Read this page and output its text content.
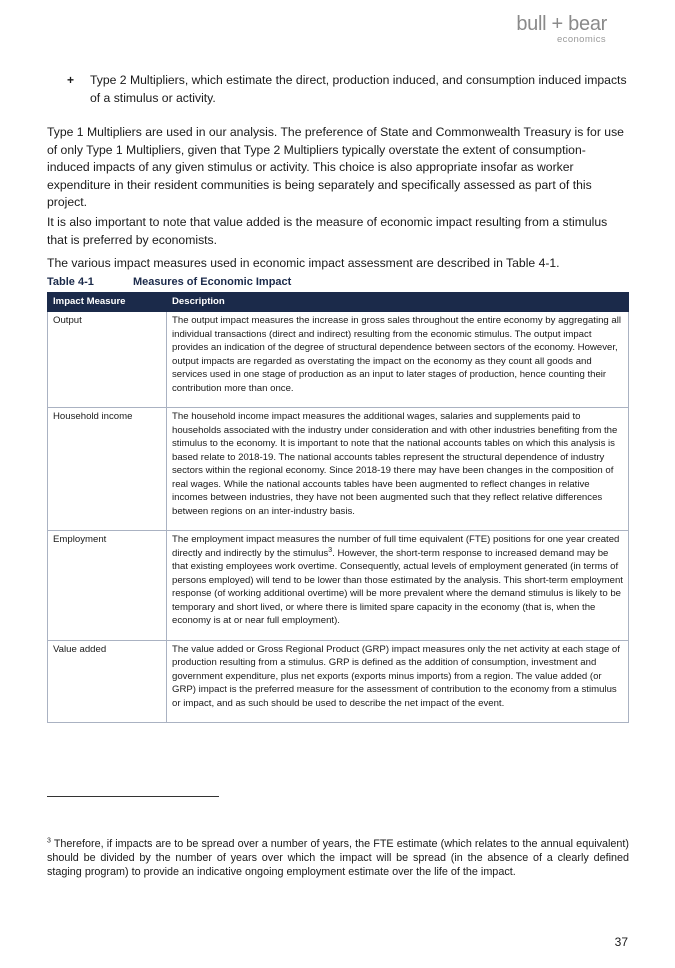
bull + bear
economics
+ Type 2 Multipliers, which estimate the direct, production induced, and consumption induced impacts of a stimulus or activity.
Type 1 Multipliers are used in our analysis. The preference of State and Commonwealth Treasury is for use of only Type 1 Multipliers, given that Type 2 Multipliers typically overstate the extent of consumption-induced impacts of any given stimulus or activity. This choice is also appropriate insofar as worker expenditure in their resident communities is being separately and specifically assessed as part of this project.
It is also important to note that value added is the measure of economic impact resulting from a stimulus that is preferred by economists.
The various impact measures used in economic impact assessment are described in Table 4-1.
Table 4-1	Measures of Economic Impact
Impact Measure	Description
Output	The output impact measures the increase in gross sales throughout the entire economy by aggregating all individual transactions (direct and indirect) resulting from the economic stimulus. The output impact provides an indication of the degree of structural dependence between sectors of the economy. However, output impacts are regarded as overstating the impact on the economy as they count all goods and services used in one stage of production as an input to later stages of production, hence counting their contribution more than once.
Household income	The household income impact measures the additional wages, salaries and supplements paid to households associated with the industry under consideration and with other industries benefiting from the stimulus to the economy. It is important to note that the national accounts tables on which this analysis is based relate to 2018-19. The national accounts tables represent the structural dependence of industry sectors within the regional economy. Since 2018-19 there may have been changes in the composition of real wages. While the national accounts tables have been augmented to reflect changes in relative incomes between industries, they have not been augmented such that they reflect relative differences between regions on an inter-industry basis.
Employment	The employment impact measures the number of full time equivalent (FTE) positions for one year created directly and indirectly by the stimulus$^3$. However, the short-term response to increased demand may be that existing employees work overtime. Consequently, actual levels of employment generated (in terms of persons employed) will tend to be lower than those estimated by the analysis. This short-term employment response (of working additional overtime) will be more prevalent where the demand stimulus is likely to be temporary and short lived, or where there is limited spare capacity in the economy (that is, when the economy is at or near full employment).
Value added	The value added or Gross Regional Product (GRP) impact measures only the net activity at each stage of production resulting from a stimulus. GRP is defined as the addition of consumption, investment and government expenditure, plus net exports (exports minus imports) from a region. The value added (or GRP) impact is the preferred measure for the assessment of contribution to the economy from a stimulus or impact, and as such should be used to describe the net impact of the event.
$^3$ Therefore, if impacts are to be spread over a number of years, the FTE estimate (which relates to the annual equivalent) should be divided by the number of years over which the impact will be spread (in the absence of a clearly defined staging program) to provide an indicative ongoing employment estimate over the life of the impact.
37
